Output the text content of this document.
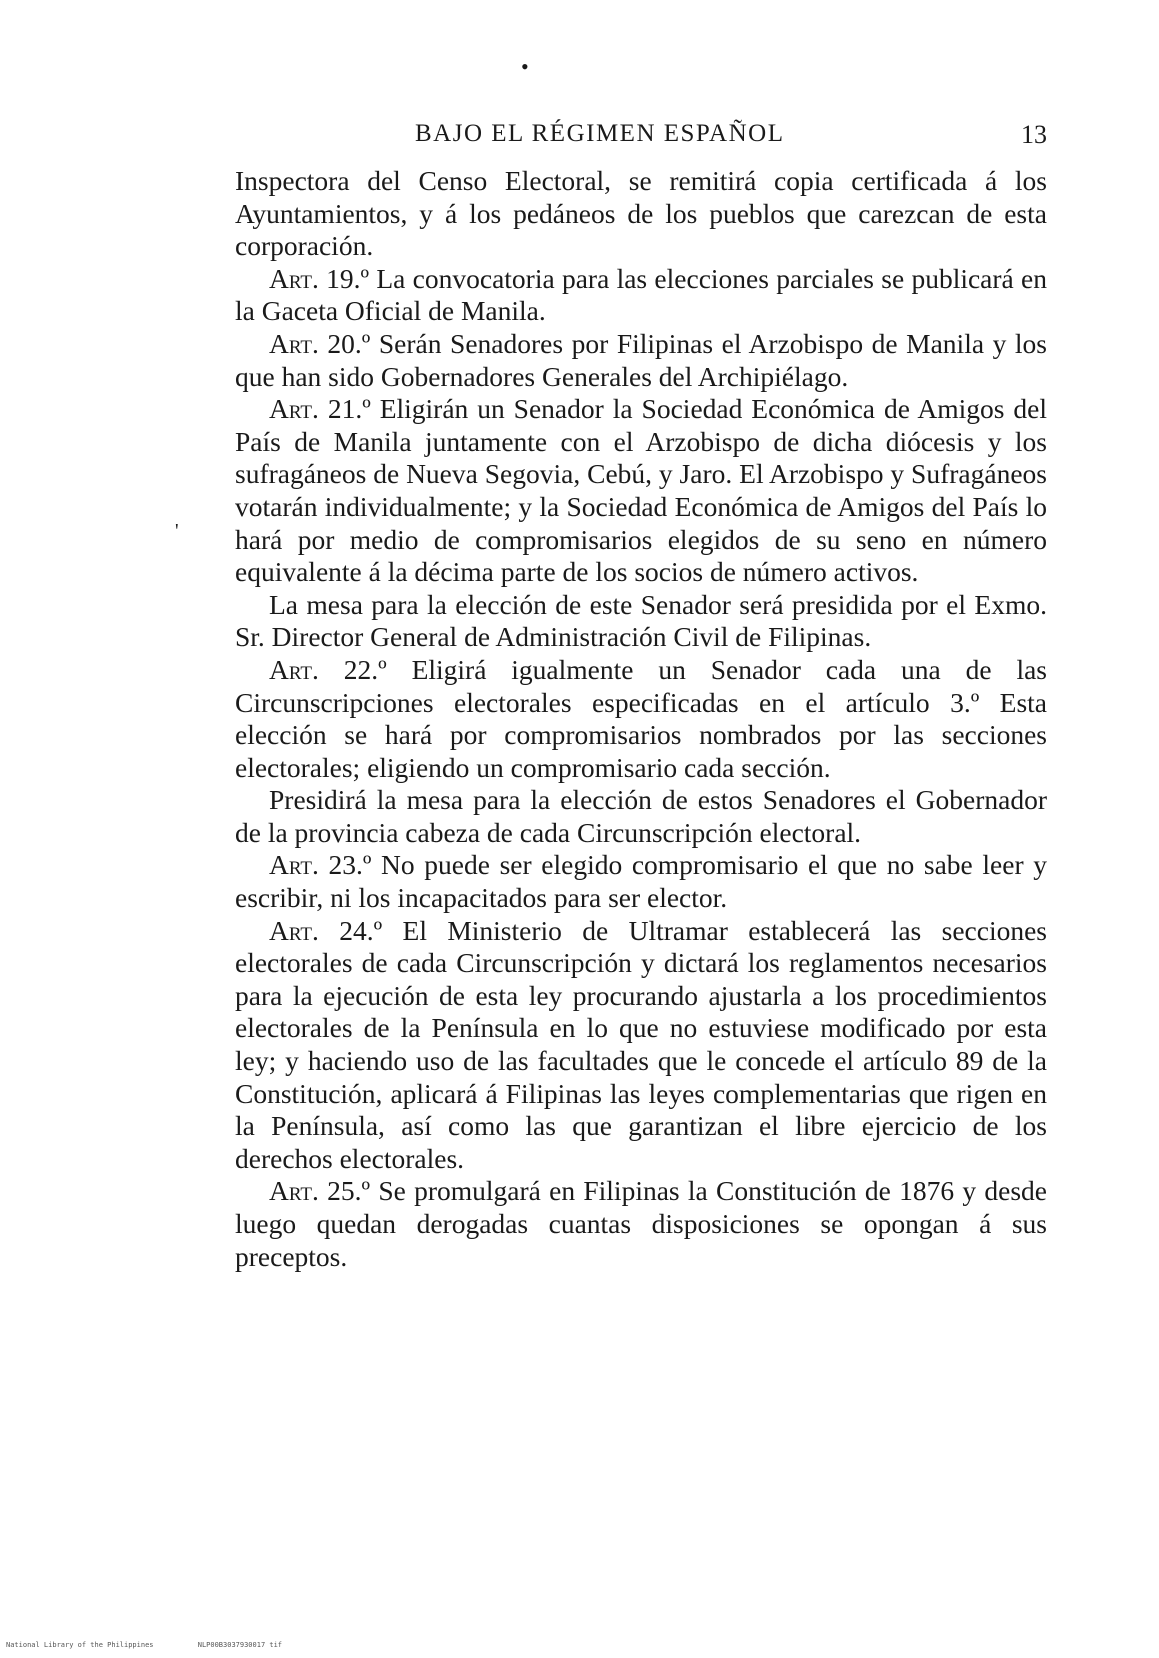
•
BAJO EL RÉGIMEN ESPAÑOL	13
'

Inspectora del Censo Electoral, se remitirá copia certificada á los Ayuntamientos, y á los pedáneos de los pueblos que carezcan de esta corporación.

Art. 19.º La convocatoria para las elecciones parciales se publicará en la Gaceta Oficial de Manila.

Art. 20.º Serán Senadores por Filipinas el Arzobispo de Manila y los que han sido Gobernadores Generales del Archipiélago.

Art. 21.º Eligirán un Senador la Sociedad Económica de Amigos del País de Manila juntamente con el Arzobispo de dicha diócesis y los sufragáneos de Nueva Segovia, Cebú, y Jaro. El Arzobispo y Sufragáneos votarán individualmente; y la Sociedad Económica de Amigos del País lo hará por medio de compromisarios elegidos de su seno en número equivalente á la décima parte de los socios de número activos.

La mesa para la elección de este Senador será presidida por el Exmo. Sr. Director General de Administración Civil de Filipinas.

Art. 22.º Eligirá igualmente un Senador cada una de las Circunscripciones electorales especificadas en el artículo 3.º Esta elección se hará por compromisarios nombrados por las secciones electorales; eligiendo un compromisario cada sección.

Presidirá la mesa para la elección de estos Senadores el Gobernador de la provincia cabeza de cada Circunscripción electoral.

Art. 23.º No puede ser elegido compromisario el que no sabe leer y escribir, ni los incapacitados para ser elector.

Art. 24.º El Ministerio de Ultramar establecerá las secciones electorales de cada Circunscripción y dictará los reglamentos necesarios para la ejecución de esta ley procurando ajustarla a los procedimientos electorales de la Península en lo que no estuviese modificado por esta ley; y haciendo uso de las facultades que le concede el artículo 89 de la Constitución, aplicará á Filipinas las leyes complementarias que rigen en la Península, así como las que garantizan el libre ejercicio de los derechos electorales.

Art. 25.º Se promulgará en Filipinas la Constitución de 1876 y desde luego quedan derogadas cuantas disposiciones se opongan á sus preceptos.

National Library of the Philippines	NLP00B3037930017 tif
